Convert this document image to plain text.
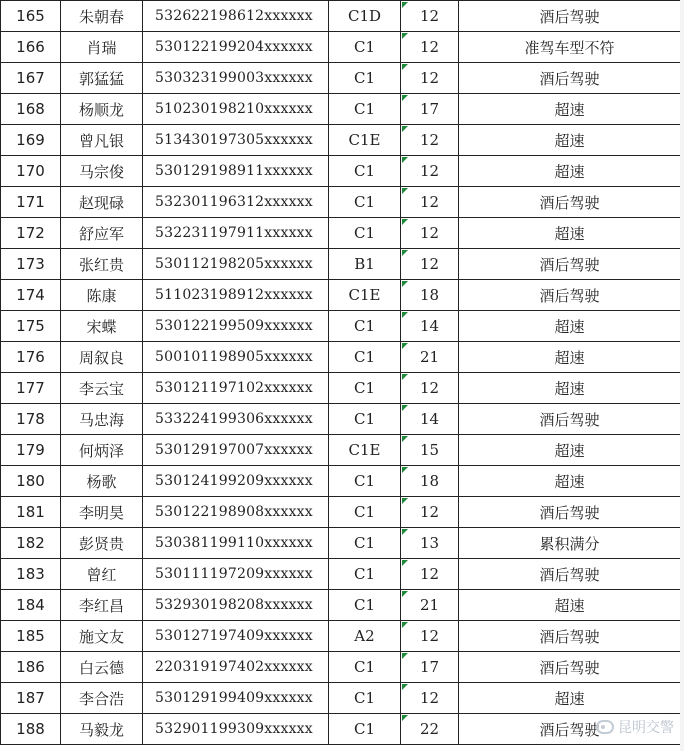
165	朱朝春	532622198612xxxxxx	C1D	12	酒后驾驶
166	肖瑞	530122199204xxxxxx	C1	12	准驾车型不符
167	郭猛猛	530323199003xxxxxx	C1	12	酒后驾驶
168	杨顺龙	510230198210xxxxxx	C1	17	超速
169	曾凡银	513430197305xxxxxx	C1E	12	超速
170	马宗俊	530129198911xxxxxx	C1	12	超速
171	赵现碌	532301196312xxxxxx	C1	12	酒后驾驶
172	舒应军	532231197911xxxxxx	C1	12	超速
173	张红贵	530112198205xxxxxx	B1	12	酒后驾驶
174	陈康	511023198912xxxxxx	C1E	18	酒后驾驶
175	宋蝶	530122199509xxxxxx	C1	14	超速
176	周叙良	500101198905xxxxxx	C1	21	超速
177	李云宝	530121197102xxxxxx	C1	12	超速
178	马忠海	533224199306xxxxxx	C1	14	酒后驾驶
179	何炳泽	530129197007xxxxxx	C1E	15	超速
180	杨歌	530124199209xxxxxx	C1	18	超速
181	李明昊	530122198908xxxxxx	C1	12	酒后驾驶
182	彭贤贵	530381199110xxxxxx	C1	13	累积满分
183	曾红	530111197209xxxxxx	C1	12	酒后驾驶
184	李红昌	532930198208xxxxxx	C1	21	超速
185	施文友	530127197409xxxxxx	A2	12	酒后驾驶
186	白云德	220319197402xxxxxx	C1	17	酒后驾驶
187	李合浩	530129199409xxxxxx	C1	12	超速
188	马毅龙	532901199309xxxxxx	C1	22	酒后驾驶 昆明交警
